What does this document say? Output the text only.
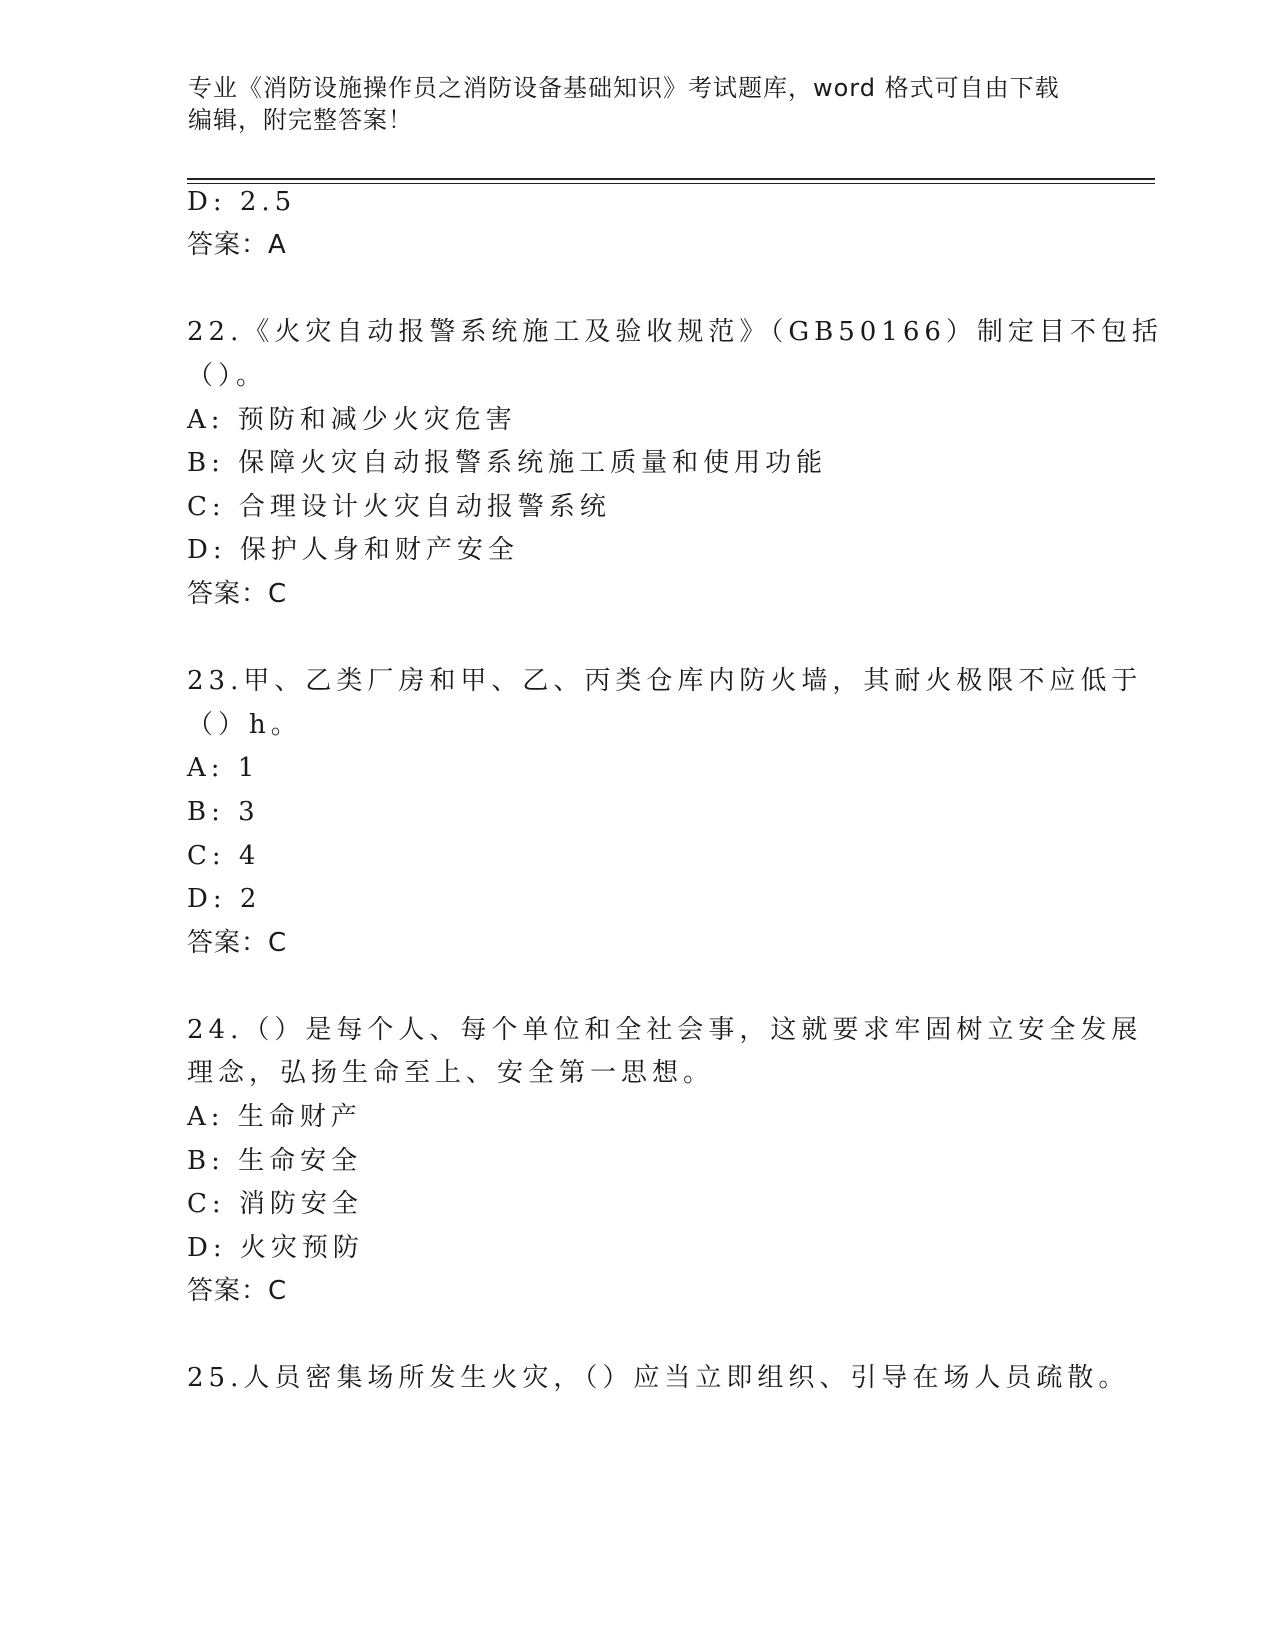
专业《消防设施操作员之消防设备基础知识》考试题库，word 格式可自由下载编辑，附完整答案！
D: 2.5
答案：A
22.《火灾自动报警系统施工及验收规范》（GB50166）制定目不包括
（）。
A: 预防和减少火灾危害
B: 保障火灾自动报警系统施工质量和使用功能
C: 合理设计火灾自动报警系统
D: 保护人身和财产安全
答案：C
23.甲、乙类厂房和甲、乙、丙类仓库内防火墙，其耐火极限不应低于
（）h。
A: 1
B: 3
C: 4
D: 2
答案：C
24.（）是每个人、每个单位和全社会事，这就要求牢固树立安全发展
理念，弘扬生命至上、安全第一思想。
A: 生命财产
B: 生命安全
C: 消防安全
D: 火灾预防
答案：C
25.人员密集场所发生火灾，（）应当立即组织、引导在场人员疏散。
